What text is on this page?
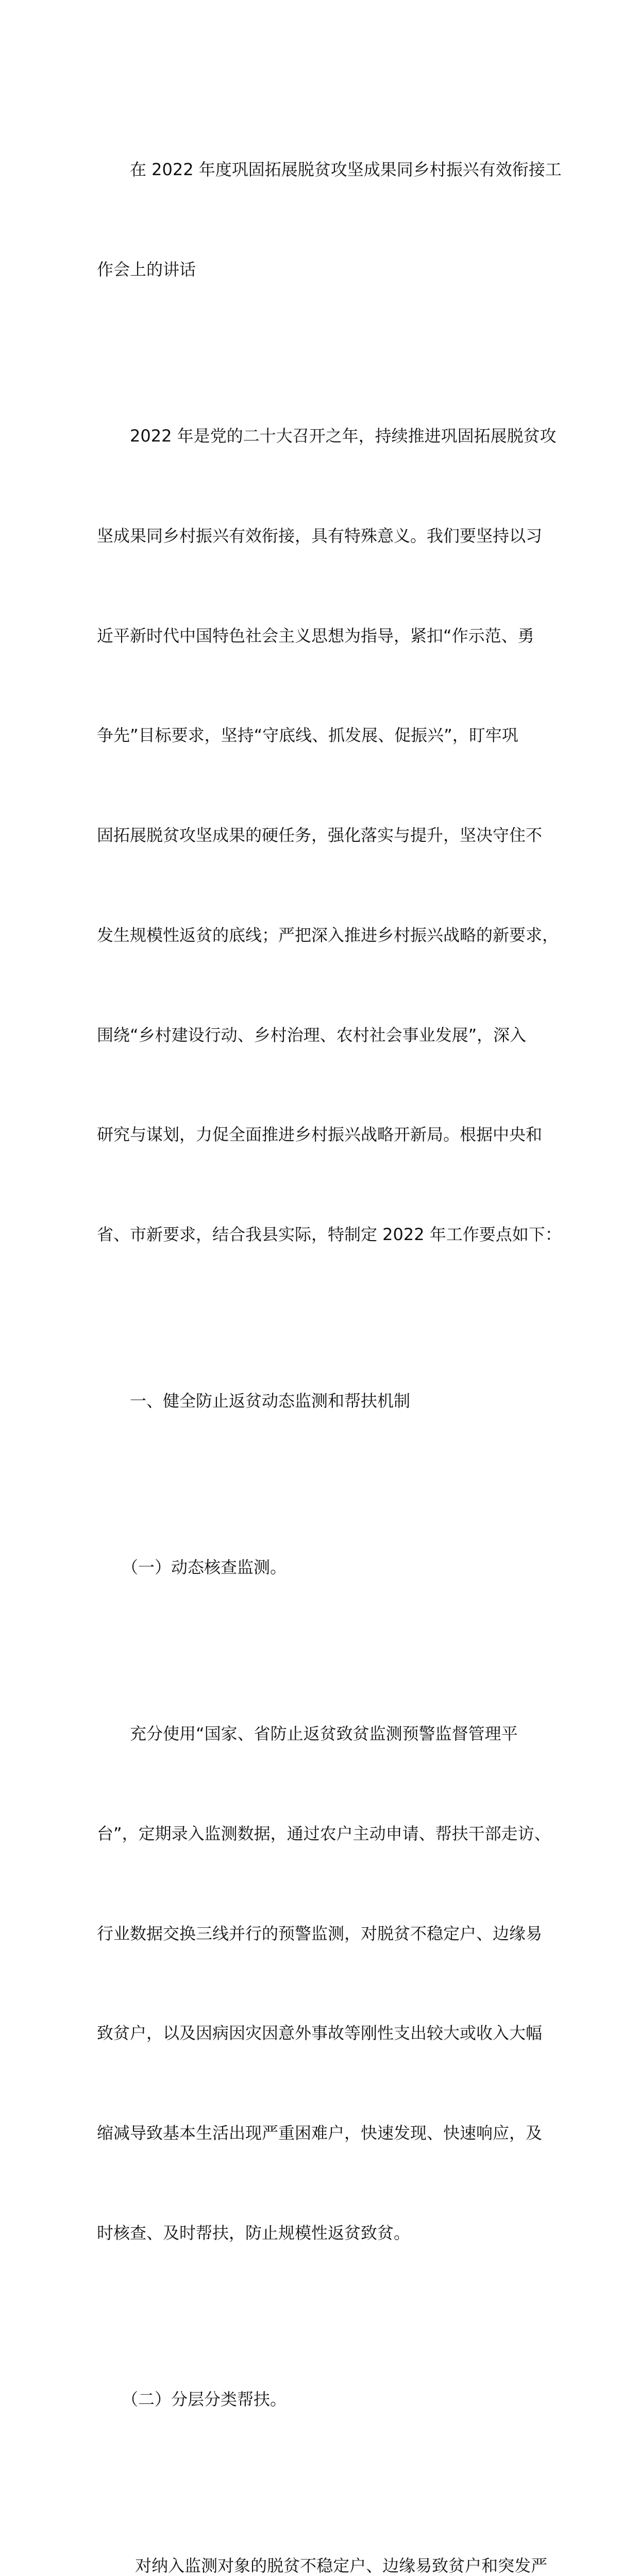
　　在 2022 年度巩固拓展脱贫攻坚成果同乡村振兴有效衔接工

作会上的讲话

　　2022 年是党的二十大召开之年，持续推进巩固拓展脱贫攻

坚成果同乡村振兴有效衔接，具有特殊意义。我们要坚持以习

近平新时代中国特色社会主义思想为指导，紧扣“作示范、勇

争先”目标要求，坚持“守底线、抓发展、促振兴”，盯牢巩

固拓展脱贫攻坚成果的硬任务，强化落实与提升，坚决守住不

发生规模性返贫的底线；严把深入推进乡村振兴战略的新要求，

围绕“乡村建设行动、乡村治理、农村社会事业发展”，深入

研究与谋划，力促全面推进乡村振兴战略开新局。根据中央和

省、市新要求，结合我县实际，特制定 2022 年工作要点如下：

　　一、健全防止返贫动态监测和帮扶机制

　　（一）动态核查监测。

　　充分使用“国家、省防止返贫致贫监测预警监督管理平

台”，定期录入监测数据，通过农户主动申请、帮扶干部走访、

行业数据交换三线并行的预警监测，对脱贫不稳定户、边缘易

致贫户，以及因病因灾因意外事故等刚性支出较大或收入大幅

缩减导致基本生活出现严重困难户，快速发现、快速响应，及

时核查、及时帮扶，防止规模性返贫致贫。

　　（二）分层分类帮扶。

　　 对纳入监测对象的脱贫不稳定户、边缘易致贫户和突发严
